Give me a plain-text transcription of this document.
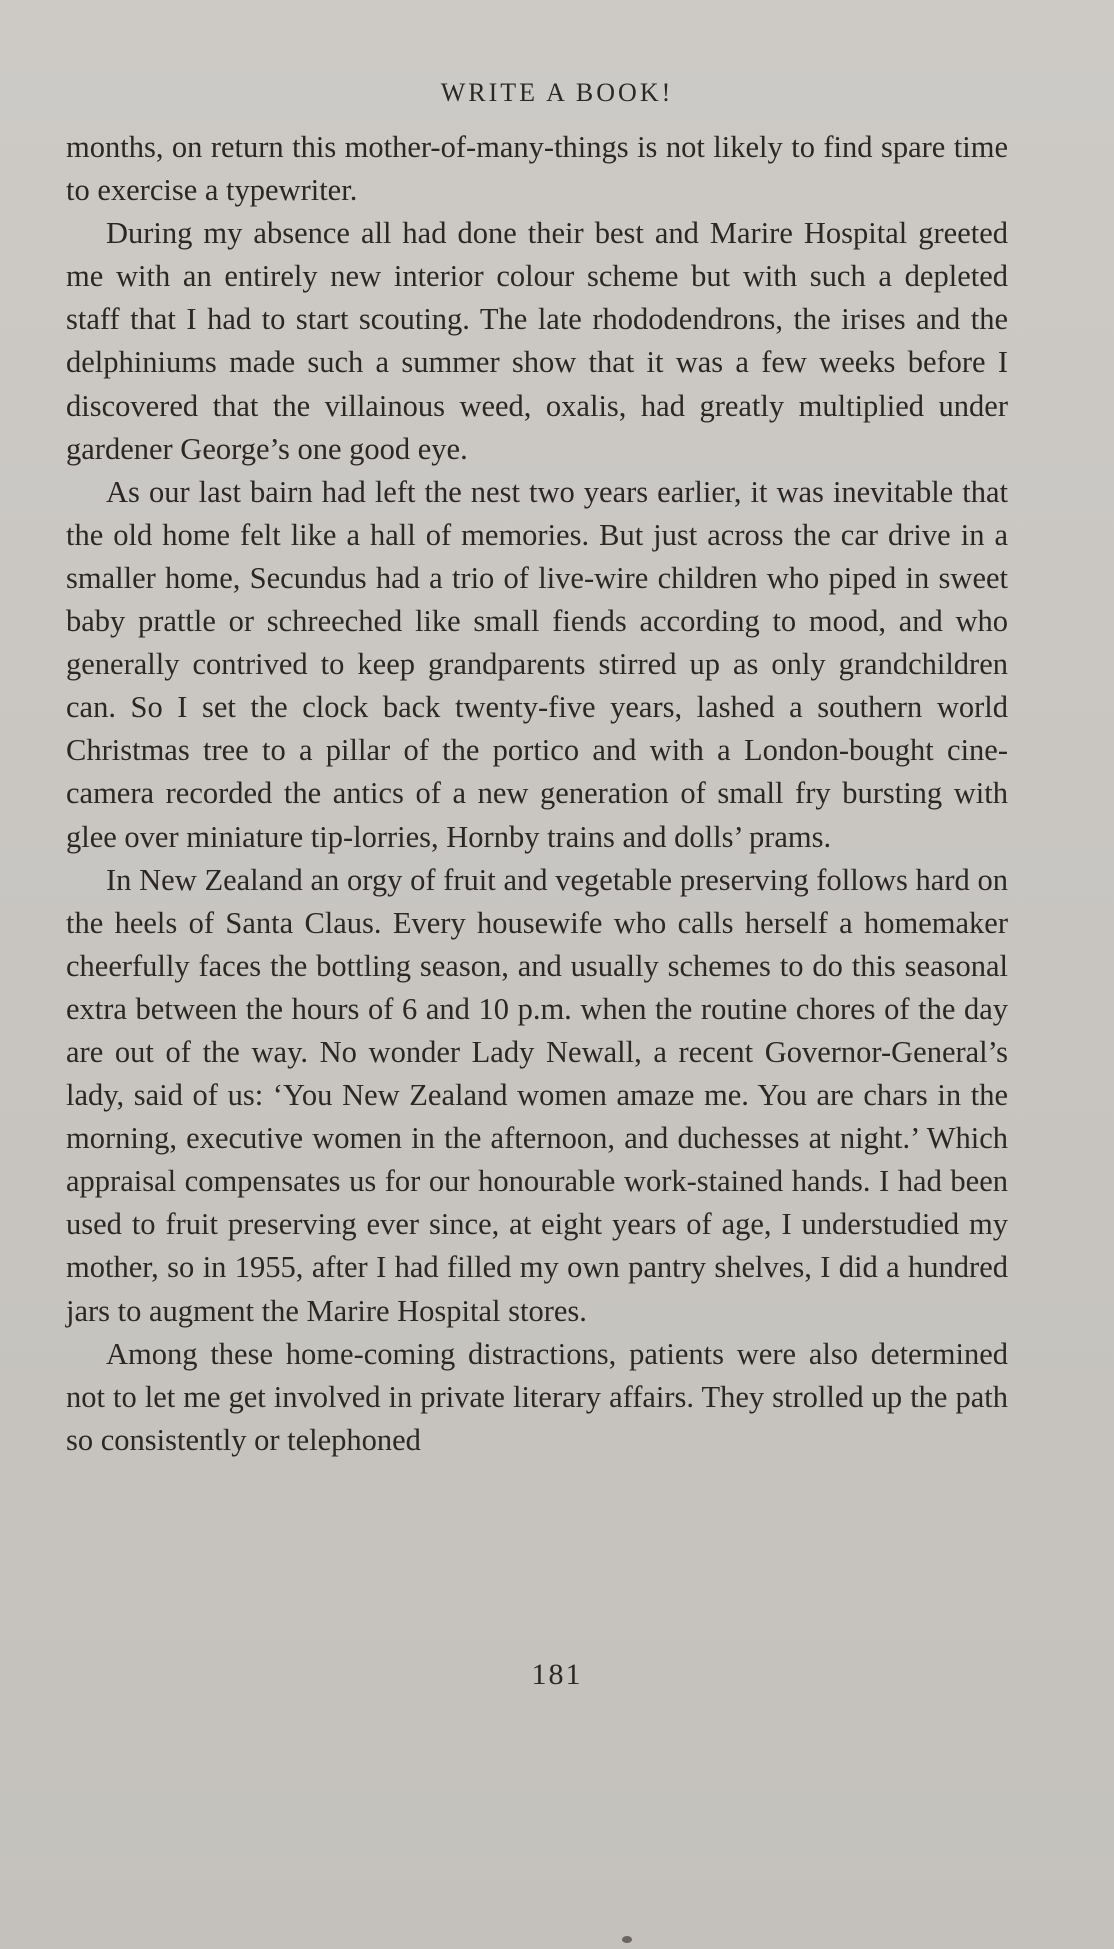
WRITE A BOOK!

months, on return this mother-of-many-things is not likely to find spare time to exercise a typewriter.

During my absence all had done their best and Marire Hospital greeted me with an entirely new interior colour scheme but with such a depleted staff that I had to start scouting. The late rhododendrons, the irises and the delphiniums made such a summer show that it was a few weeks before I discovered that the villainous weed, oxalis, had greatly multiplied under gardener George’s one good eye.

As our last bairn had left the nest two years earlier, it was inevitable that the old home felt like a hall of memories. But just across the car drive in a smaller home, Secundus had a trio of live-wire children who piped in sweet baby prattle or schreeched like small fiends according to mood, and who generally contrived to keep grandparents stirred up as only grandchildren can. So I set the clock back twenty-five years, lashed a southern world Christmas tree to a pillar of the portico and with a London-bought cine-camera recorded the antics of a new generation of small fry bursting with glee over miniature tip-lorries, Hornby trains and dolls’ prams.

In New Zealand an orgy of fruit and vegetable preserving follows hard on the heels of Santa Claus. Every housewife who calls herself a homemaker cheerfully faces the bottling season, and usually schemes to do this seasonal extra between the hours of 6 and 10 p.m. when the routine chores of the day are out of the way. No wonder Lady Newall, a recent Governor-General’s lady, said of us: ‘You New Zealand women amaze me. You are chars in the morning, executive women in the afternoon, and duchesses at night.’ Which appraisal compensates us for our honourable work-stained hands. I had been used to fruit preserving ever since, at eight years of age, I understudied my mother, so in 1955, after I had filled my own pantry shelves, I did a hundred jars to augment the Marire Hospital stores.

Among these home-coming distractions, patients were also determined not to let me get involved in private literary affairs. They strolled up the path so consistently or telephoned

181
